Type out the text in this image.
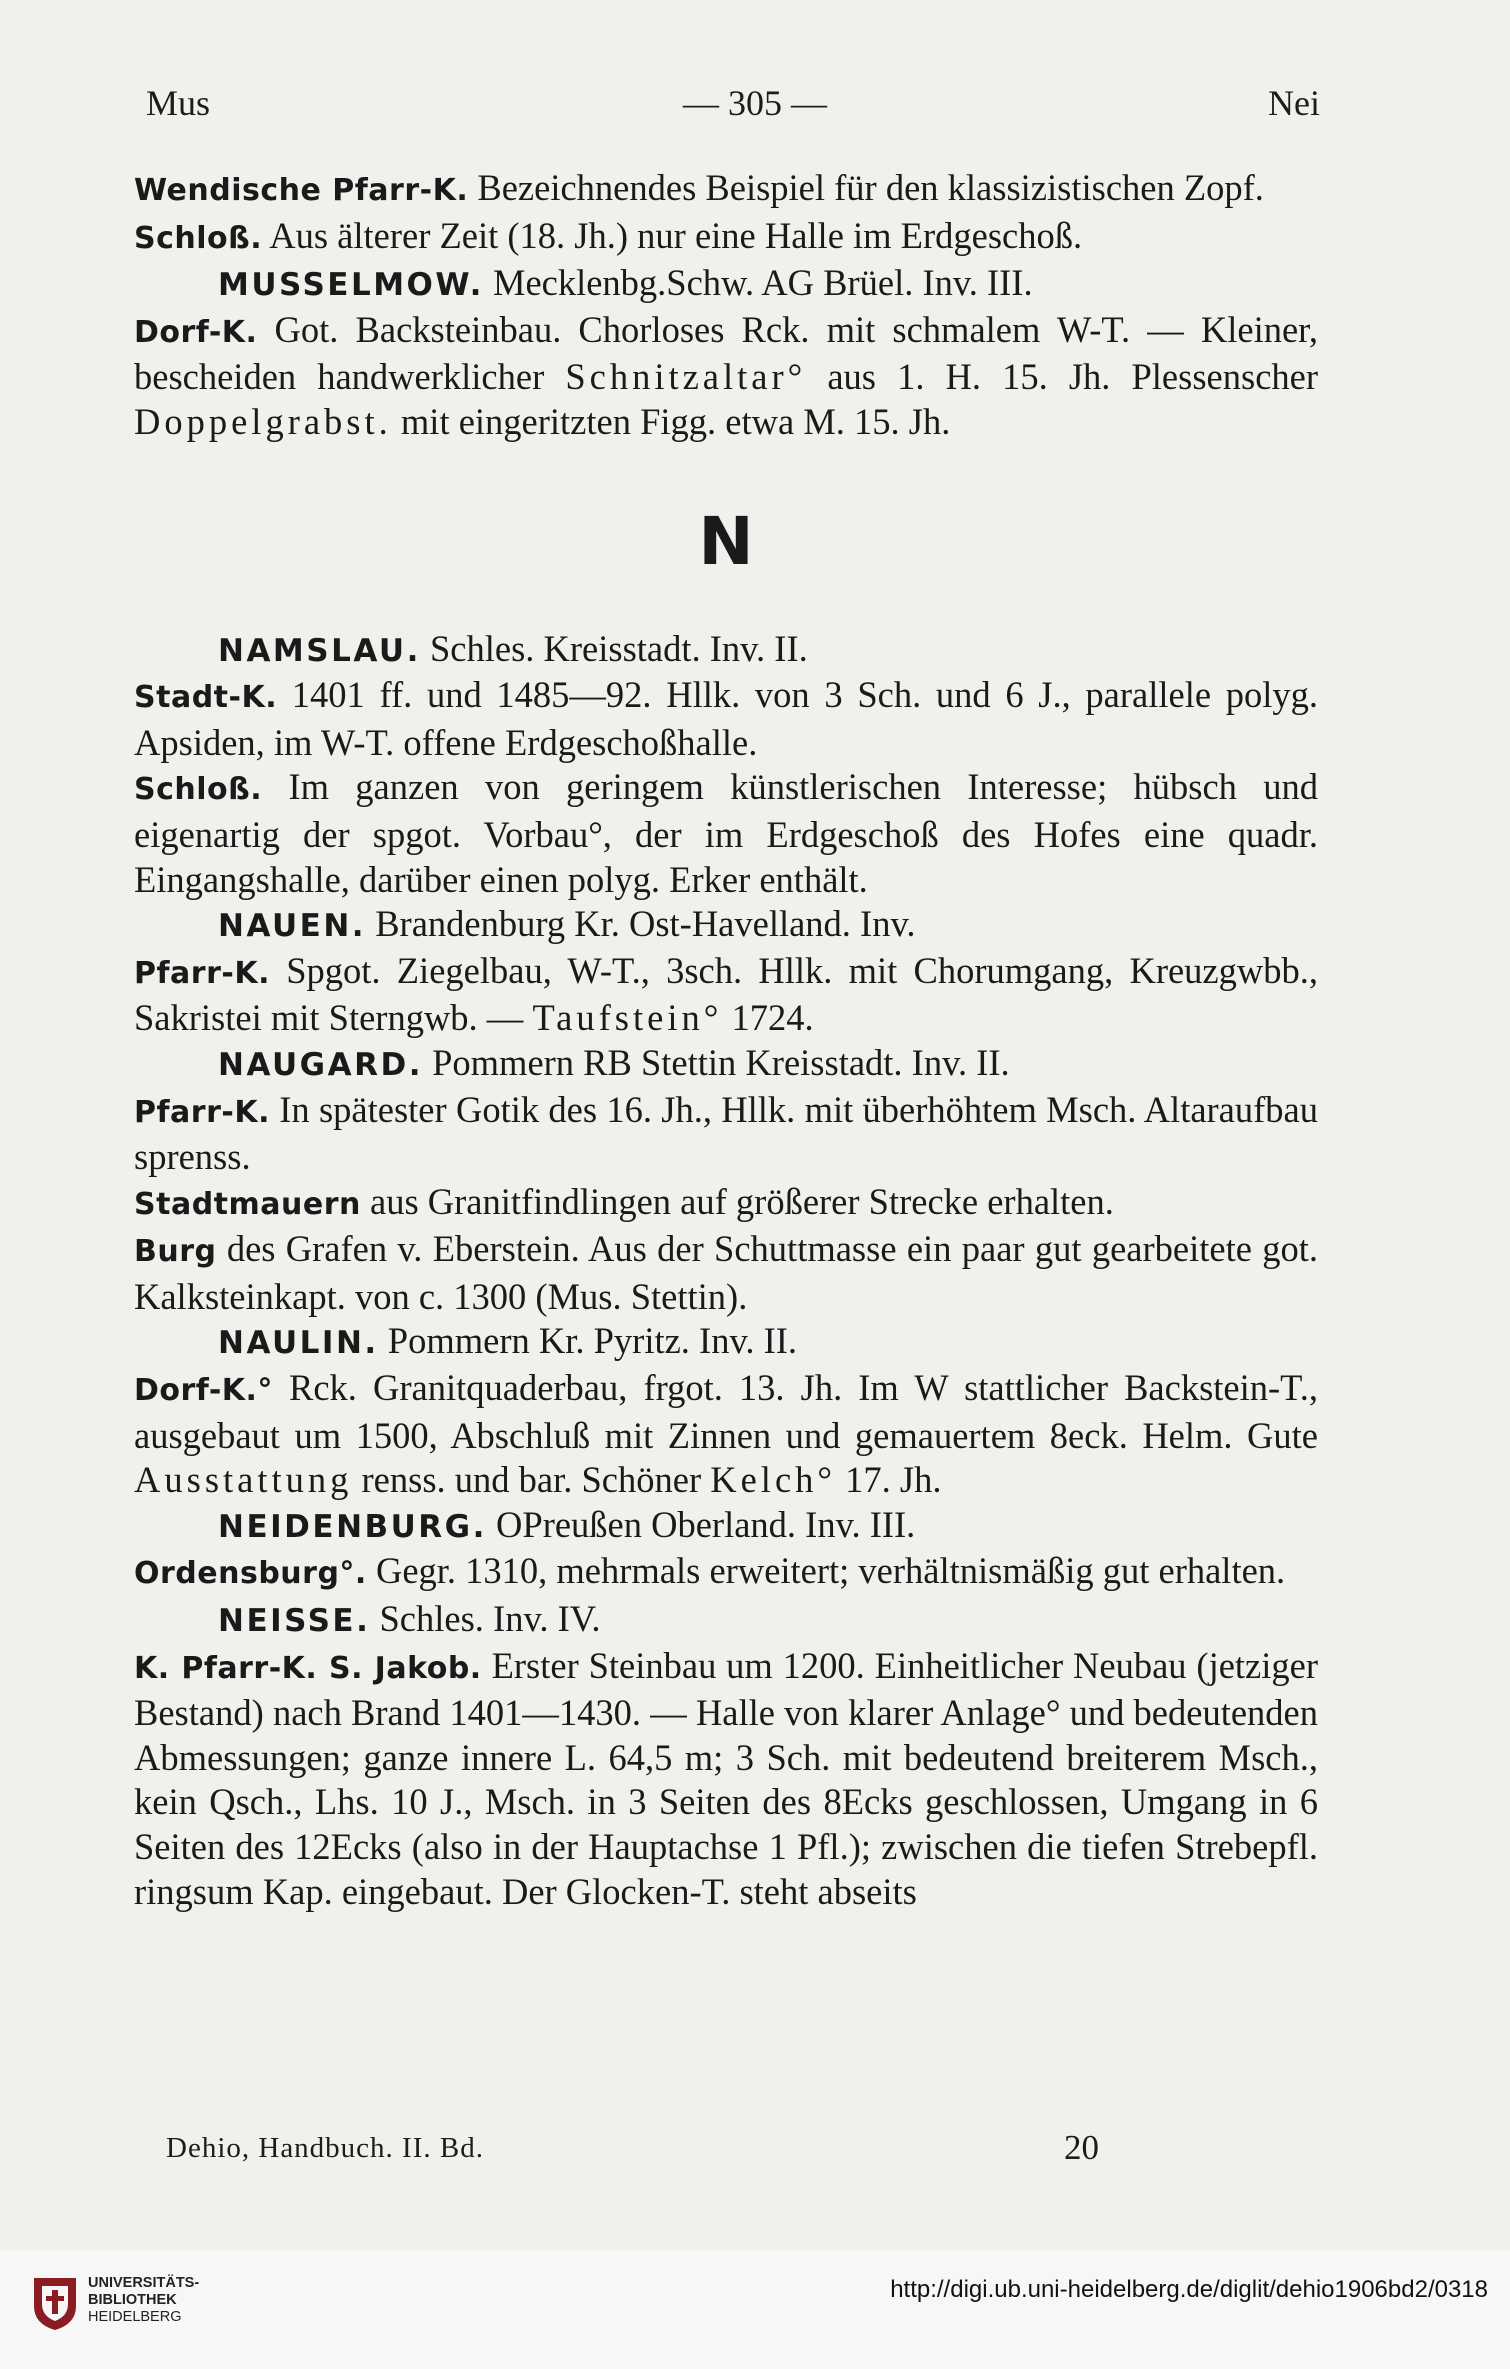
Mus	— 305 —	Nei

Wendische Pfarr-K. Bezeichnendes Beispiel für den klassizistischen Zopf.

Schloß. Aus älterer Zeit (18. Jh.) nur eine Halle im Erdgeschoß.

MUSSELMOW. Mecklenbg.Schw. AG Brüel. Inv. III.

Dorf-K. Got. Backsteinbau. Chorloses Rck. mit schmalem W-T. — Kleiner, bescheiden handwerklicher Schnitzaltar° aus 1. H. 15. Jh. Plessenscher Doppelgrabst. mit eingeritzten Figg. etwa M. 15. Jh.

N

NAMSLAU. Schles. Kreisstadt. Inv. II.

Stadt-K. 1401 ff. und 1485—92. Hllk. von 3 Sch. und 6 J., parallele polyg. Apsiden, im W-T. offene Erdgeschoßhalle.

Schloß. Im ganzen von geringem künstlerischen Interesse; hübsch und eigenartig der spgot. Vorbau°, der im Erdgeschoß des Hofes eine quadr. Eingangshalle, darüber einen polyg. Erker enthält.

NAUEN. Brandenburg Kr. Ost-Havelland. Inv.

Pfarr-K. Spgot. Ziegelbau, W-T., 3sch. Hllk. mit Chorumgang, Kreuzgwbb., Sakristei mit Sterngwb. — Taufstein° 1724.

NAUGARD. Pommern RB Stettin Kreisstadt. Inv. II.

Pfarr-K. In spätester Gotik des 16. Jh., Hllk. mit überhöhtem Msch. Altaraufbau sprenss.

Stadtmauern aus Granitfindlingen auf größerer Strecke erhalten.

Burg des Grafen v. Eberstein. Aus der Schuttmasse ein paar gut gearbeitete got. Kalksteinkapt. von c. 1300 (Mus. Stettin).

NAULIN. Pommern Kr. Pyritz. Inv. II.

Dorf-K.° Rck. Granitquaderbau, frgot. 13. Jh. Im W stattlicher Backstein-T., ausgebaut um 1500, Abschluß mit Zinnen und gemauertem 8eck. Helm. Gute Ausstattung renss. und bar. Schöner Kelch° 17. Jh.

NEIDENBURG. OPreußen Oberland. Inv. III.

Ordensburg°. Gegr. 1310, mehrmals erweitert; verhältnismäßig gut erhalten.

NEISSE. Schles. Inv. IV.

K. Pfarr-K. S. Jakob. Erster Steinbau um 1200. Einheitlicher Neubau (jetziger Bestand) nach Brand 1401—1430. — Halle von klarer Anlage° und bedeutenden Abmessungen; ganze innere L. 64,5 m; 3 Sch. mit bedeutend breiterem Msch., kein Qsch., Lhs. 10 J., Msch. in 3 Seiten des 8Ecks geschlossen, Umgang in 6 Seiten des 12Ecks (also in der Hauptachse 1 Pfl.); zwischen die tiefen Strebepfl. ringsum Kap. eingebaut. Der Glocken-T. steht abseits

Dehio, Handbuch. II. Bd.	20
UNIVERSITÄTS-
BIBLIOTHEK
HEIDELBERG
http://digi.ub.uni-heidelberg.de/diglit/dehio1906bd2/0318
